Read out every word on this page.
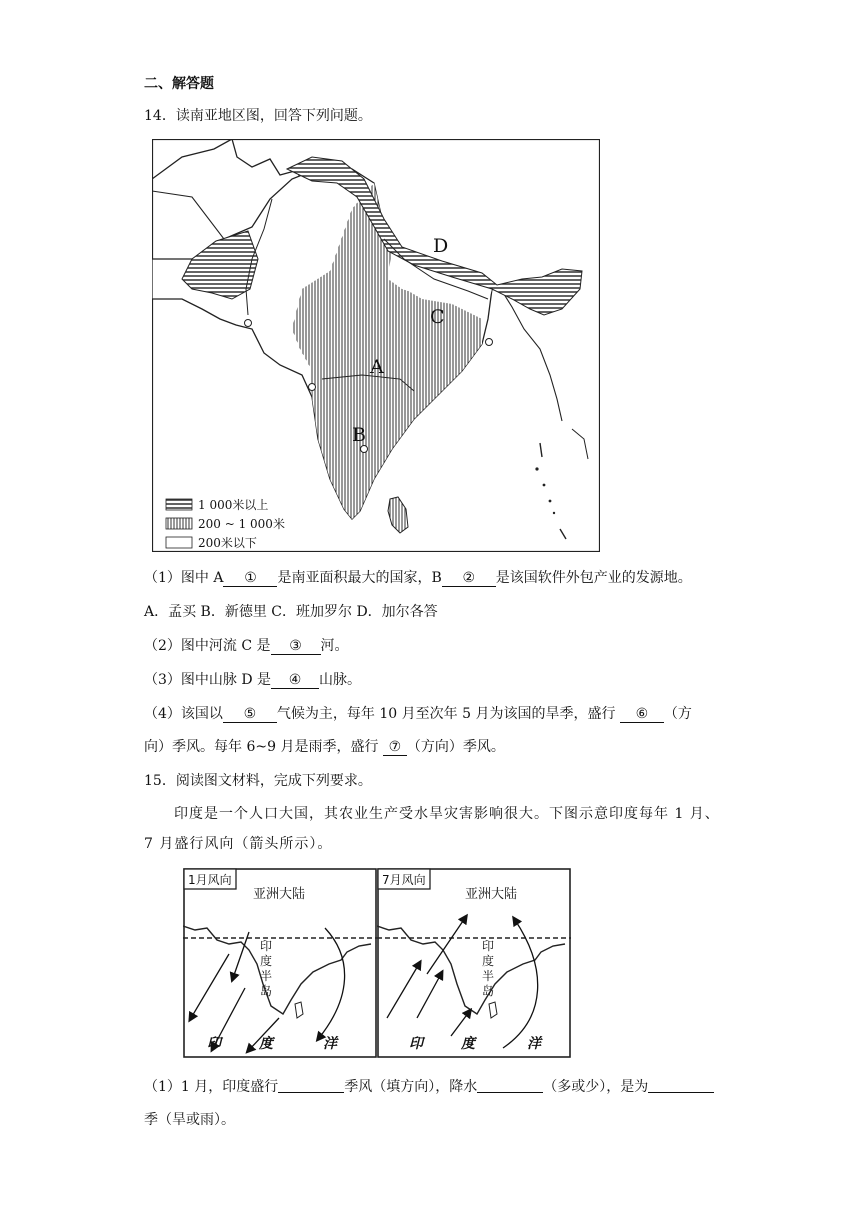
二、解答题
14．读南亚地区图，回答下列问题。
A
B
C
D
1 000米以上
200 ~ 1 000米
200米以下
（1）图中 A ① 是南亚面积最大的国家，B ② 是该国软件外包产业的发源地。
A．孟买 B．新德里 C．班加罗尔 D．加尔各答
（2）图中河流 C 是 ③ 河。
（3）图中山脉 D 是 ④ 山脉。
（4）该国以 ⑤ 气候为主，每年 10 月至次年 5 月为该国的旱季，盛行 ⑥ （方
向）季风。每年 6~9 月是雨季，盛行 ⑦ （方向）季风。
15．阅读图文材料，完成下列要求。
印度是一个人口大国，其农业生产受水旱灾害影响很大。下图示意印度每年 1 月、
7 月盛行风向（箭头所示）。
1月风向
亚洲大陆
印
度
半
岛
印	度	洋
7月风向
亚洲大陆
印
度
半
岛
印	度	洋
（1）1 月，印度盛行	季风（填方向），降水	（多或少），是为
季（旱或雨）。
